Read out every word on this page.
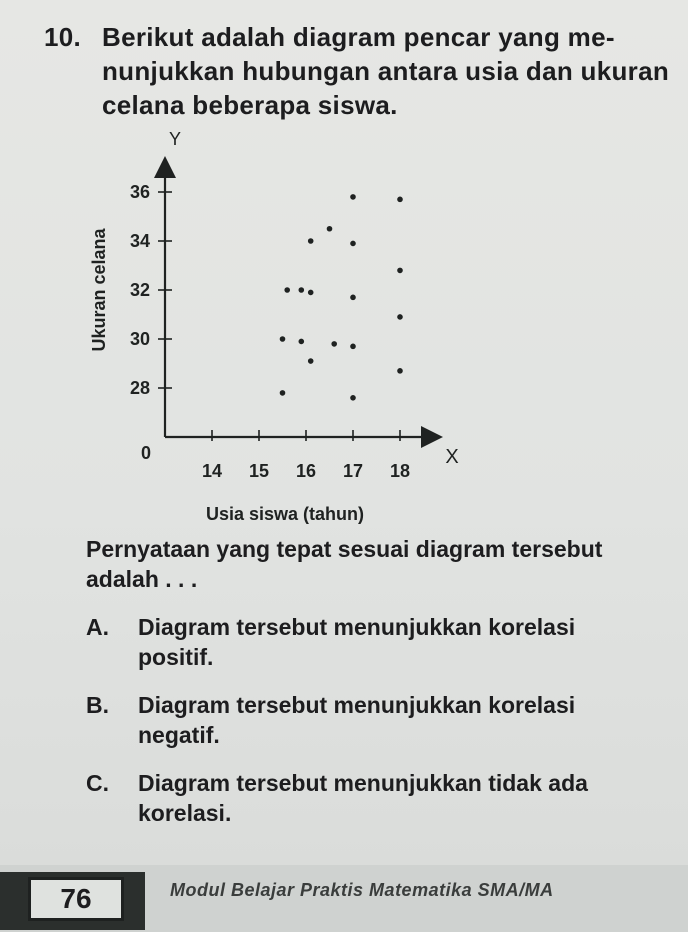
10. Berikut adalah diagram pencar yang me-
nunjukkan hubungan antara usia dan ukuran
celana beberapa siswa.
14 15 16 17 18
28
30
32
34
36
0	X
Y
Usia siswa (tahun)
Ukuran celana
Pernyataan yang tepat sesuai diagram tersebut
adalah . . .
A. Diagram tersebut menunjukkan korelasi
positif.
B. Diagram tersebut menunjukkan korelasi
negatif.
C. Diagram tersebut menunjukkan tidak ada
korelasi.
76	Modul Belajar Praktis Matematika SMA/MA
